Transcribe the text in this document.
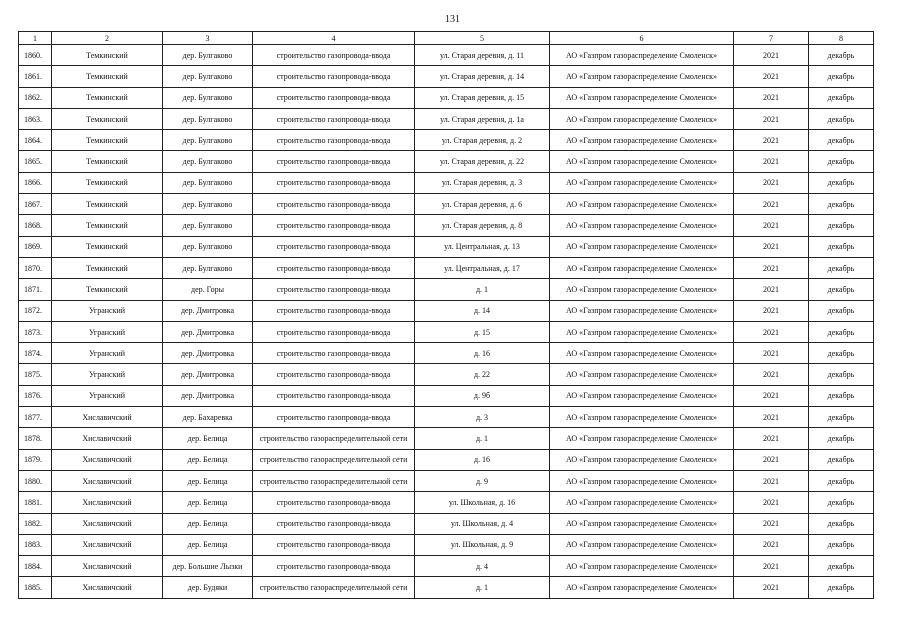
131
1	2	3	4	5	6	7	8
1860.	Темкинский	дер. Булгаково	строительство газопровода-ввода	ул. Старая деревня, д. 11	АО «Газпром газораспределение Смоленск»	2021	декабрь
1861.	Темкинский	дер. Булгаково	строительство газопровода-ввода	ул. Старая деревня, д. 14	АО «Газпром газораспределение Смоленск»	2021	декабрь
1862.	Темкинский	дер. Булгаково	строительство газопровода-ввода	ул. Старая деревня, д. 15	АО «Газпром газораспределение Смоленск»	2021	декабрь
1863.	Темкинский	дер. Булгаково	строительство газопровода-ввода	ул. Старая деревня, д. 1а	АО «Газпром газораспределение Смоленск»	2021	декабрь
1864.	Темкинский	дер. Булгаково	строительство газопровода-ввода	ул. Старая деревня, д. 2	АО «Газпром газораспределение Смоленск»	2021	декабрь
1865.	Темкинский	дер. Булгаково	строительство газопровода-ввода	ул. Старая деревня, д. 22	АО «Газпром газораспределение Смоленск»	2021	декабрь
1866.	Темкинский	дер. Булгаково	строительство газопровода-ввода	ул. Старая деревня, д. 3	АО «Газпром газораспределение Смоленск»	2021	декабрь
1867.	Темкинский	дер. Булгаково	строительство газопровода-ввода	ул. Старая деревня, д. 6	АО «Газпром газораспределение Смоленск»	2021	декабрь
1868.	Темкинский	дер. Булгаково	строительство газопровода-ввода	ул. Старая деревня, д. 8	АО «Газпром газораспределение Смоленск»	2021	декабрь
1869.	Темкинский	дер. Булгаково	строительство газопровода-ввода	ул. Центральная, д. 13	АО «Газпром газораспределение Смоленск»	2021	декабрь
1870.	Темкинский	дер. Булгаково	строительство газопровода-ввода	ул. Центральная, д. 17	АО «Газпром газораспределение Смоленск»	2021	декабрь
1871.	Темкинский	дер. Горы	строительство газопровода-ввода	д. 1	АО «Газпром газораспределение Смоленск»	2021	декабрь
1872.	Угранский	дер. Дмитровка	строительство газопровода-ввода	д. 14	АО «Газпром газораспределение Смоленск»	2021	декабрь
1873.	Угранский	дер. Дмитровка	строительство газопровода-ввода	д. 15	АО «Газпром газораспределение Смоленск»	2021	декабрь
1874.	Угранский	дер. Дмитровка	строительство газопровода-ввода	д. 16	АО «Газпром газораспределение Смоленск»	2021	декабрь
1875.	Угранский	дер. Дмитровка	строительство газопровода-ввода	д. 22	АО «Газпром газораспределение Смоленск»	2021	декабрь
1876.	Угранский	дер. Дмитровка	строительство газопровода-ввода	д. 9б	АО «Газпром газораспределение Смоленск»	2021	декабрь
1877.	Хиславичский	дер. Бахаревка	строительство газопровода-ввода	д. 3	АО «Газпром газораспределение Смоленск»	2021	декабрь
1878.	Хиславичский	дер. Белица	строительство газораспределительной сети	д. 1	АО «Газпром газораспределение Смоленск»	2021	декабрь
1879.	Хиславичский	дер. Белица	строительство газораспределительной сети	д. 16	АО «Газпром газораспределение Смоленск»	2021	декабрь
1880.	Хиславичский	дер. Белица	строительство газораспределительной сети	д. 9	АО «Газпром газораспределение Смоленск»	2021	декабрь
1881.	Хиславичский	дер. Белица	строительство газопровода-ввода	ул. Школьная, д. 16	АО «Газпром газораспределение Смоленск»	2021	декабрь
1882.	Хиславичский	дер. Белица	строительство газопровода-ввода	ул. Школьная, д. 4	АО «Газпром газораспределение Смоленск»	2021	декабрь
1883.	Хиславичский	дер. Белица	строительство газопровода-ввода	ул. Школьная, д. 9	АО «Газпром газораспределение Смоленск»	2021	декабрь
1884.	Хиславичский	дер. Большие Лызки	строительство газопровода-ввода	д. 4	АО «Газпром газораспределение Смоленск»	2021	декабрь
1885.	Хиславичский	дер. Будяки	строительство газораспределительной сети	д. 1	АО «Газпром газораспределение Смоленск»	2021	декабрь
